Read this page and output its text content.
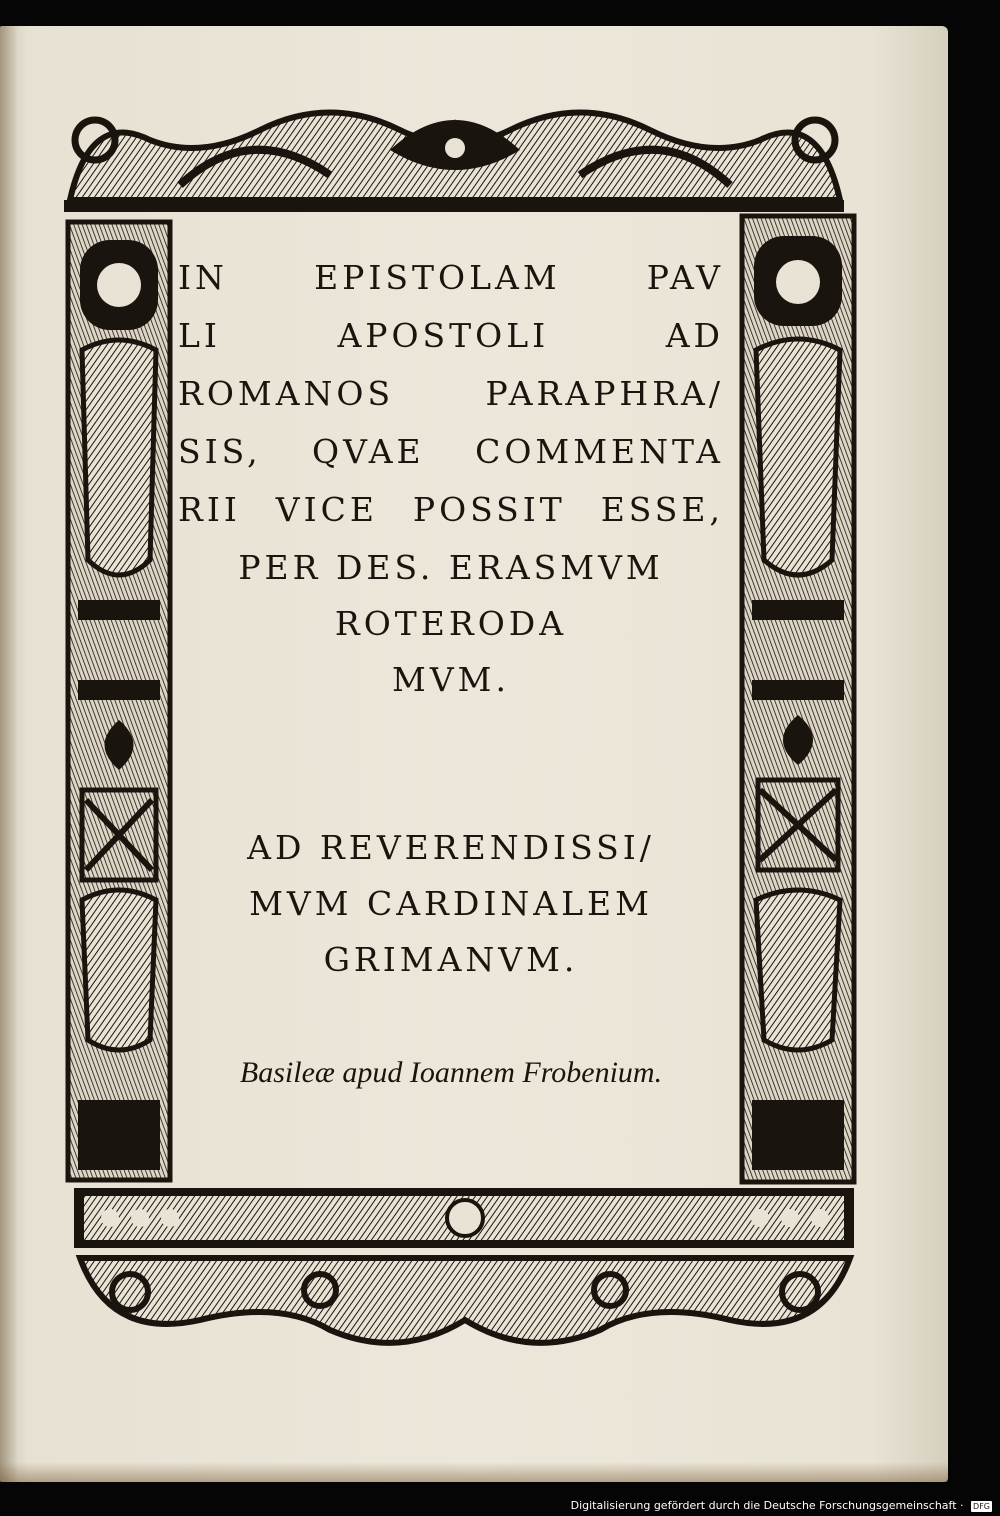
IN EPISTOLAM PAV
LI APOSTOLI AD
ROMANOS PARAPHRA/
SIS, QVAE COMMENTA
RII VICE POSSIT ESSE,
PER DES. ERASMVM
ROTERODA
MVM.
AD REVERENDISSI/
MVM CARDINALEM
GRIMANVM.
Basileæ apud Ioannem Frobenium.
Digitalisierung gefördert durch die Deutsche Forschungsgemeinschaft · DFG
